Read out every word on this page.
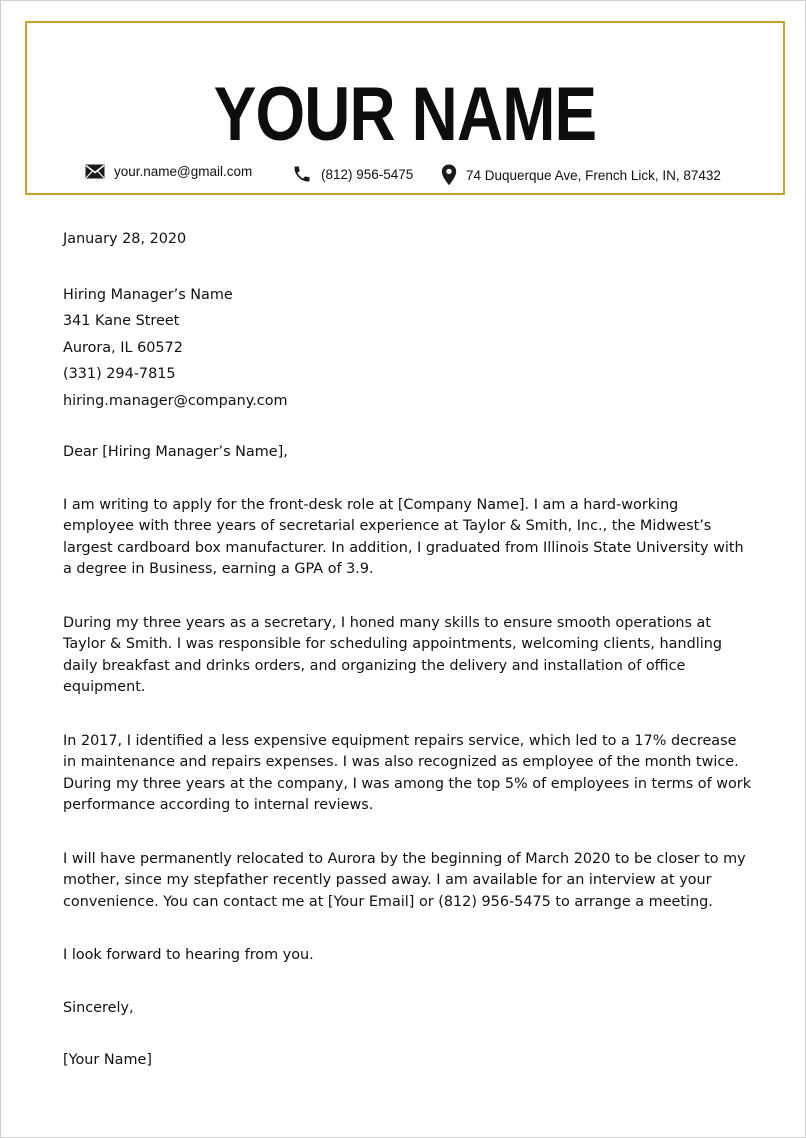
YOUR NAME
your.name@gmail.com	(812) 956-5475	74 Duquerque Ave, French Lick, IN, 87432
January 28, 2020
Hiring Manager’s Name
341 Kane Street
Aurora, IL 60572
(331) 294-7815
hiring.manager@company.com
Dear [Hiring Manager’s Name],
I am writing to apply for the front-desk role at [Company Name]. I am a hard-working employee with three years of secretarial experience at Taylor & Smith, Inc., the Midwest’s largest cardboard box manufacturer. In addition, I graduated from Illinois State University with a degree in Business, earning a GPA of 3.9.
During my three years as a secretary, I honed many skills to ensure smooth operations at Taylor & Smith. I was responsible for scheduling appointments, welcoming clients, handling daily breakfast and drinks orders, and organizing the delivery and installation of office equipment.
In 2017, I identified a less expensive equipment repairs service, which led to a 17% decrease in maintenance and repairs expenses. I was also recognized as employee of the month twice. During my three years at the company, I was among the top 5% of employees in terms of work performance according to internal reviews.
I will have permanently relocated to Aurora by the beginning of March 2020 to be closer to my mother, since my stepfather recently passed away. I am available for an interview at your convenience. You can contact me at [Your Email] or (812) 956-5475 to arrange a meeting.
I look forward to hearing from you.
Sincerely,
[Your Name]
